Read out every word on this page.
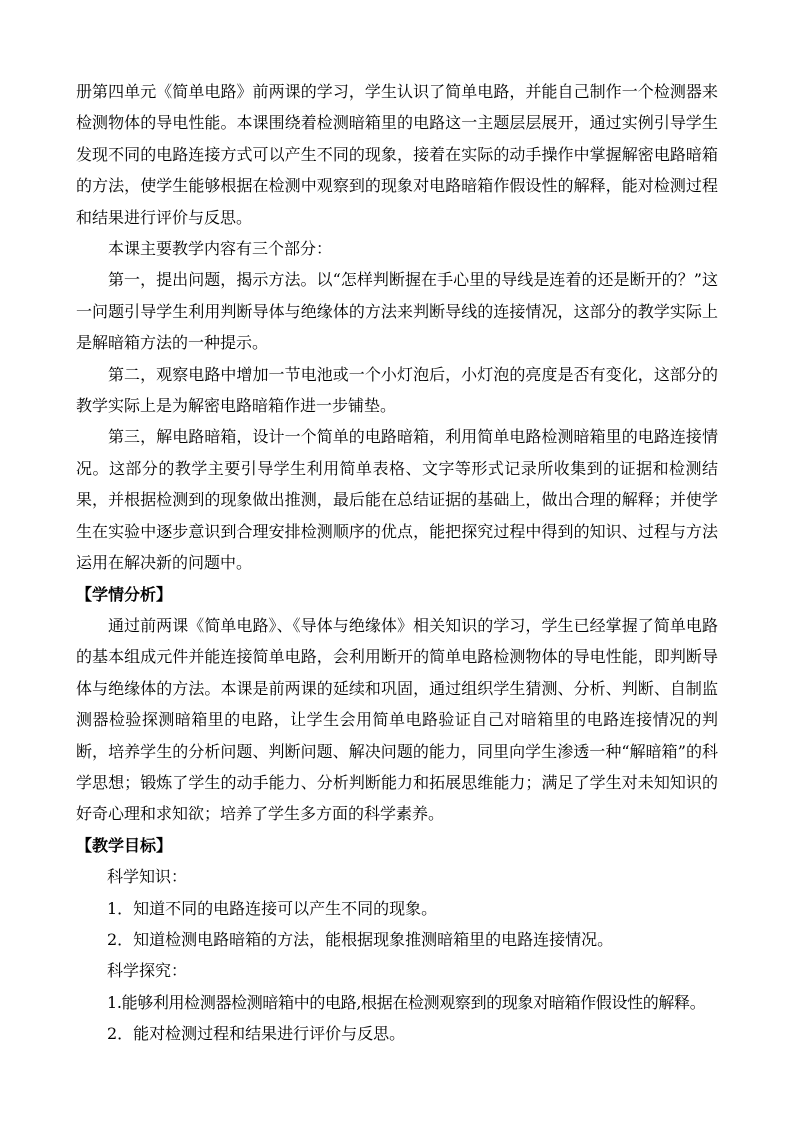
册第四单元《简单电路》前两课的学习，学生认识了简单电路，并能自己制作一个检测器来检测物体的导电性能。本课围绕着检测暗箱里的电路这一主题层层展开，通过实例引导学生发现不同的电路连接方式可以产生不同的现象，接着在实际的动手操作中掌握解密电路暗箱的方法，使学生能够根据在检测中观察到的现象对电路暗箱作假设性的解释，能对检测过程和结果进行评价与反思。

本课主要教学内容有三个部分：

第一，提出问题，揭示方法。以“怎样判断握在手心里的导线是连着的还是断开的？”这一问题引导学生利用判断导体与绝缘体的方法来判断导线的连接情况，这部分的教学实际上是解暗箱方法的一种提示。

第二，观察电路中增加一节电池或一个小灯泡后，小灯泡的亮度是否有变化，这部分的教学实际上是为解密电路暗箱作进一步铺垫。

第三，解电路暗箱，设计一个简单的电路暗箱，利用简单电路检测暗箱里的电路连接情况。这部分的教学主要引导学生利用简单表格、文字等形式记录所收集到的证据和检测结果，并根据检测到的现象做出推测，最后能在总结证据的基础上，做出合理的解释；并使学生在实验中逐步意识到合理安排检测顺序的优点，能把探究过程中得到的知识、过程与方法运用在解决新的问题中。

【学情分析】

通过前两课《简单电路》、《导体与绝缘体》相关知识的学习，学生已经掌握了简单电路的基本组成元件并能连接简单电路，会利用断开的简单电路检测物体的导电性能，即判断导体与绝缘体的方法。本课是前两课的延续和巩固，通过组织学生猜测、分析、判断、自制监测器检验探测暗箱里的电路，让学生会用简单电路验证自己对暗箱里的电路连接情况的判断，培养学生的分析问题、判断问题、解决问题的能力，同里向学生渗透一种“解暗箱”的科学思想；锻炼了学生的动手能力、分析判断能力和拓展思维能力；满足了学生对未知知识的好奇心理和求知欲；培养了学生多方面的科学素养。

【教学目标】

科学知识：

1．知道不同的电路连接可以产生不同的现象。

2．知道检测电路暗箱的方法，能根据现象推测暗箱里的电路连接情况。

科学探究：

1.能够利用检测器检测暗箱中的电路,根据在检测观察到的现象对暗箱作假设性的解释。

2．能对检测过程和结果进行评价与反思。
